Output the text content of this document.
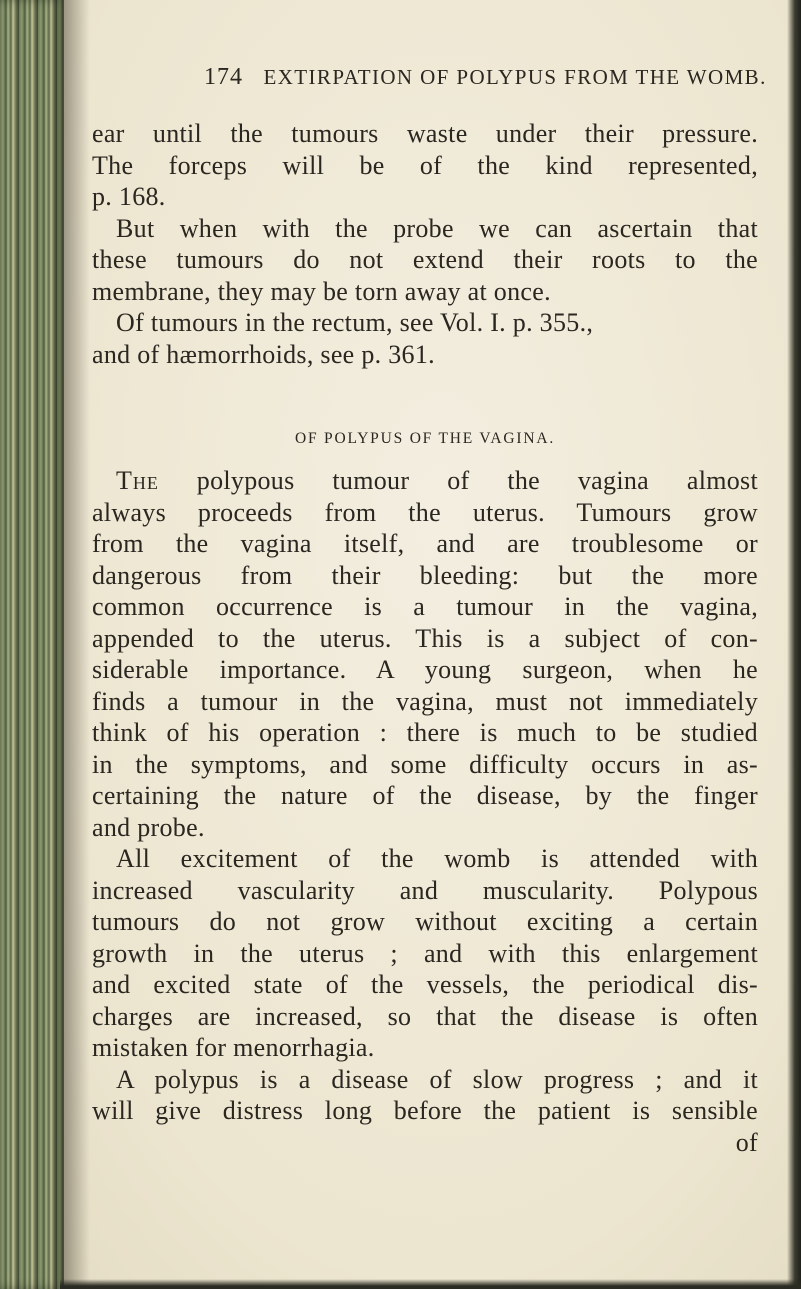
174 EXTIRPATION OF POLYPUS FROM THE WOMB.
ear until the tumours waste under their pressure.
The forceps will be of the kind represented,
p. 168.
But when with the probe we can ascertain that
these tumours do not extend their roots to the
membrane, they may be torn away at once.
Of tumours in the rectum, see Vol. I. p. 355.,
and of hæmorrhoids, see p. 361.
OF POLYPUS OF THE VAGINA.
The polypous tumour of the vagina almost
always proceeds from the uterus. Tumours grow
from the vagina itself, and are troublesome or
dangerous from their bleeding: but the more
common occurrence is a tumour in the vagina,
appended to the uterus. This is a subject of con-
siderable importance. A young surgeon, when he
finds a tumour in the vagina, must not immediately
think of his operation : there is much to be studied
in the symptoms, and some difficulty occurs in as-
certaining the nature of the disease, by the finger
and probe.
All excitement of the womb is attended with
increased vascularity and muscularity. Polypous
tumours do not grow without exciting a certain
growth in the uterus ; and with this enlargement
and excited state of the vessels, the periodical dis-
charges are increased, so that the disease is often
mistaken for menorrhagia.
A polypus is a disease of slow progress ; and it
will give distress long before the patient is sensible
of
